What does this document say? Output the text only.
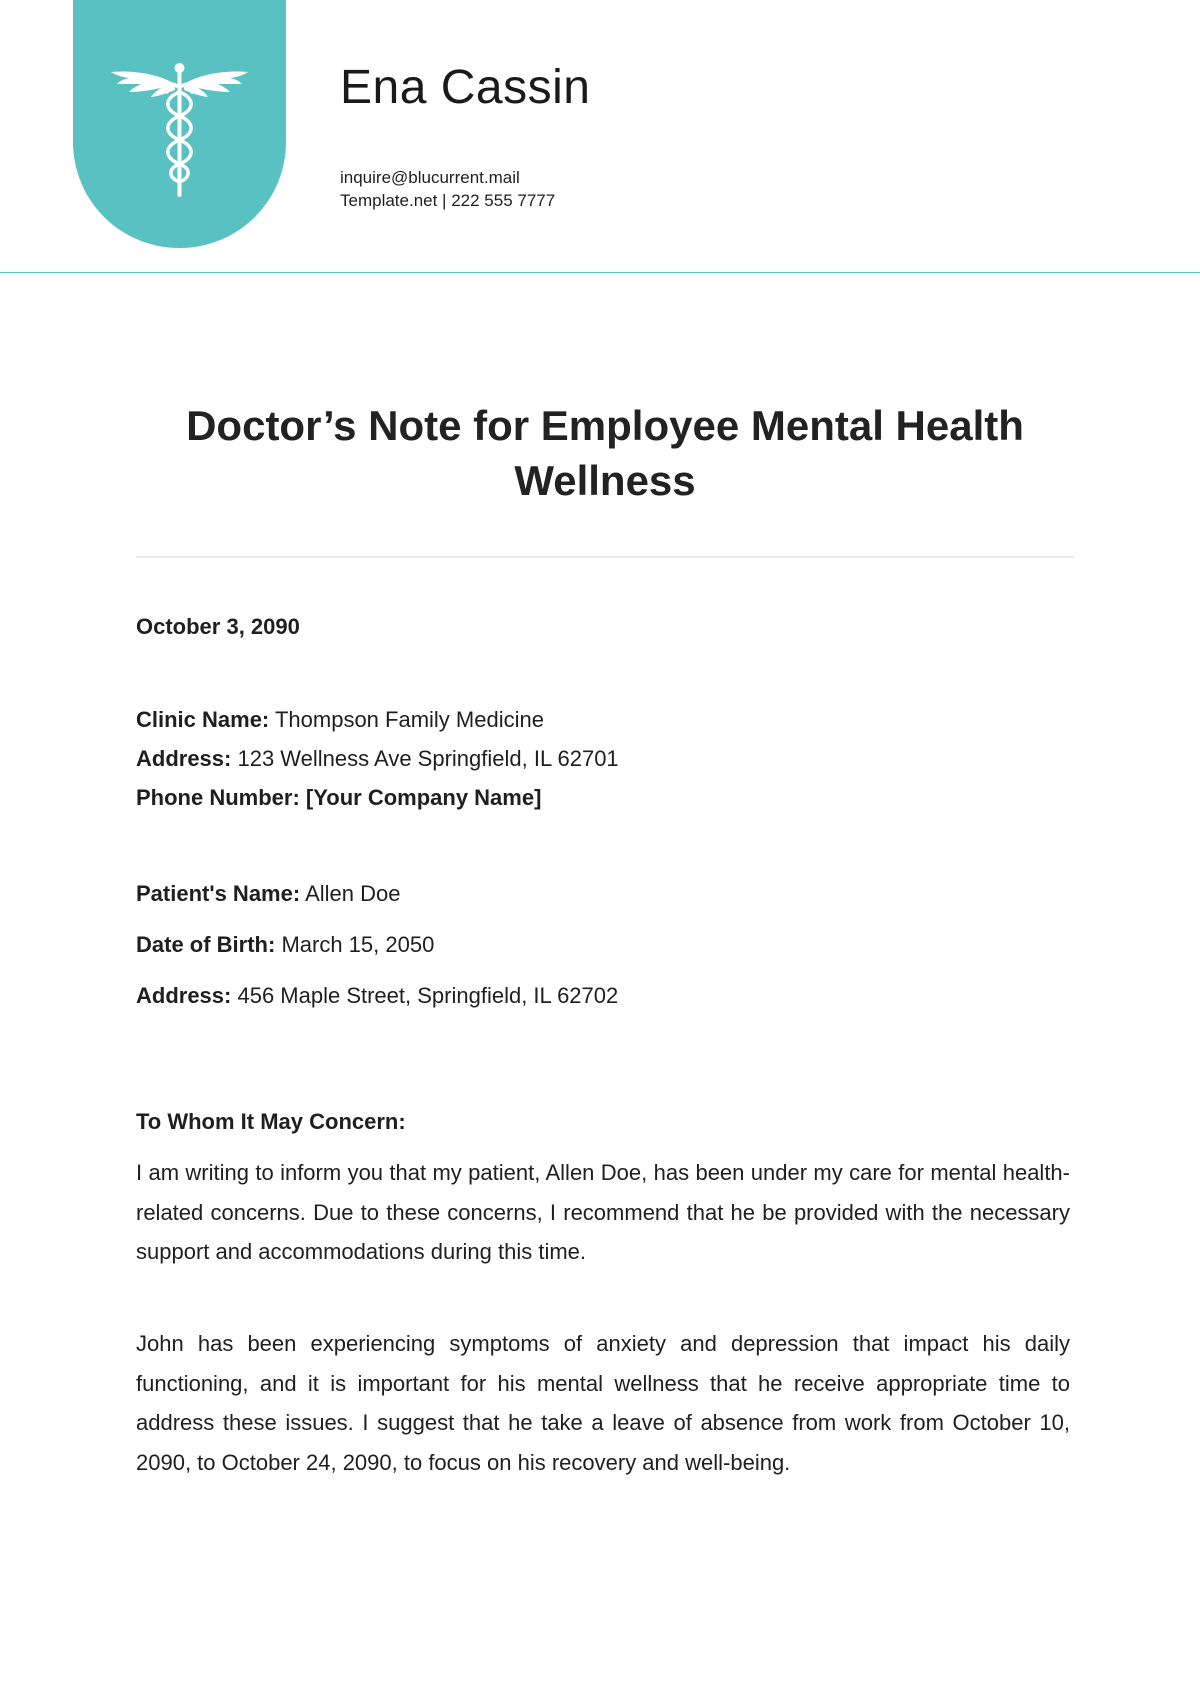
Ena Cassin
inquire@blucurrent.mail
Template.net | 222 555 7777
Doctor’s Note for Employee Mental Health Wellness
October 3, 2090
Clinic Name: Thompson Family Medicine
Address: 123 Wellness Ave Springfield, IL 62701
Phone Number: [Your Company Name]
Patient's Name: Allen Doe
Date of Birth: March 15, 2050
Address: 456 Maple Street, Springfield, IL 62702
To Whom It May Concern:

I am writing to inform you that my patient, Allen Doe, has been under my care for mental health-related concerns. Due to these concerns, I recommend that he be provided with the necessary support and accommodations during this time.

John has been experiencing symptoms of anxiety and depression that impact his daily functioning, and it is important for his mental wellness that he receive appropriate time to address these issues. I suggest that he take a leave of absence from work from October 10, 2090, to October 24, 2090, to focus on his recovery and well-being.
